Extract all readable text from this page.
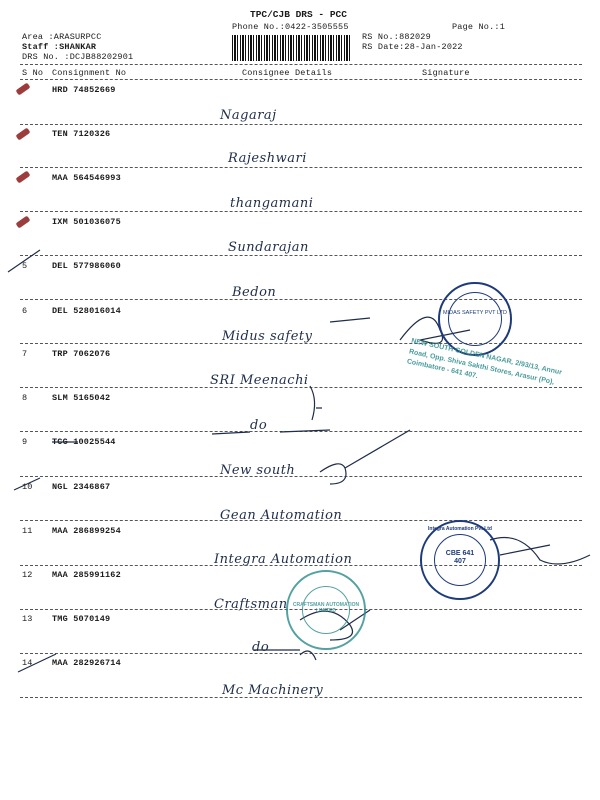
TPC/CJB DRS - PCC
Phone No.:0422-3505555	Page No.:1
Area :ARASURPCC
Staff :SHANKAR
DRS No. :DCJB88202901
RS No.:882029
RS Date:28-Jan-2022
S No Consignment No	Consignee Details	Signature
HRD 74852669
Nagaraj
TEN 7120326
Rajeshwari
MAA 564546993
thangamani
IXM 501036075
Sundarajan
5	DEL 577986060
Bedon
6	DEL 528016014
Midus safety
7	TRP 7062076
SRI Meenachi
8	SLM 5165042
do
9	TCG 10025544
New south
10 NGL 2346867
Gean Automation
11 MAA 286899254
Integra Automation
12 MAA 285991162
Craftsman
13 TMG 5070149
do
14 MAA 282926714
Mc Machinery
MIDAS SAFETY PVT LTD
NEW SOUTH GOLDEN NAGAR, 2/93/13, Annur Road, Opp. Shiva Sakthi Stores, Arasur (Po), Coimbatore - 641 407.
Integra Automation Pvt Ltd
CBE 641 407
CRAFTSMAN AUTOMATION LIMITED
